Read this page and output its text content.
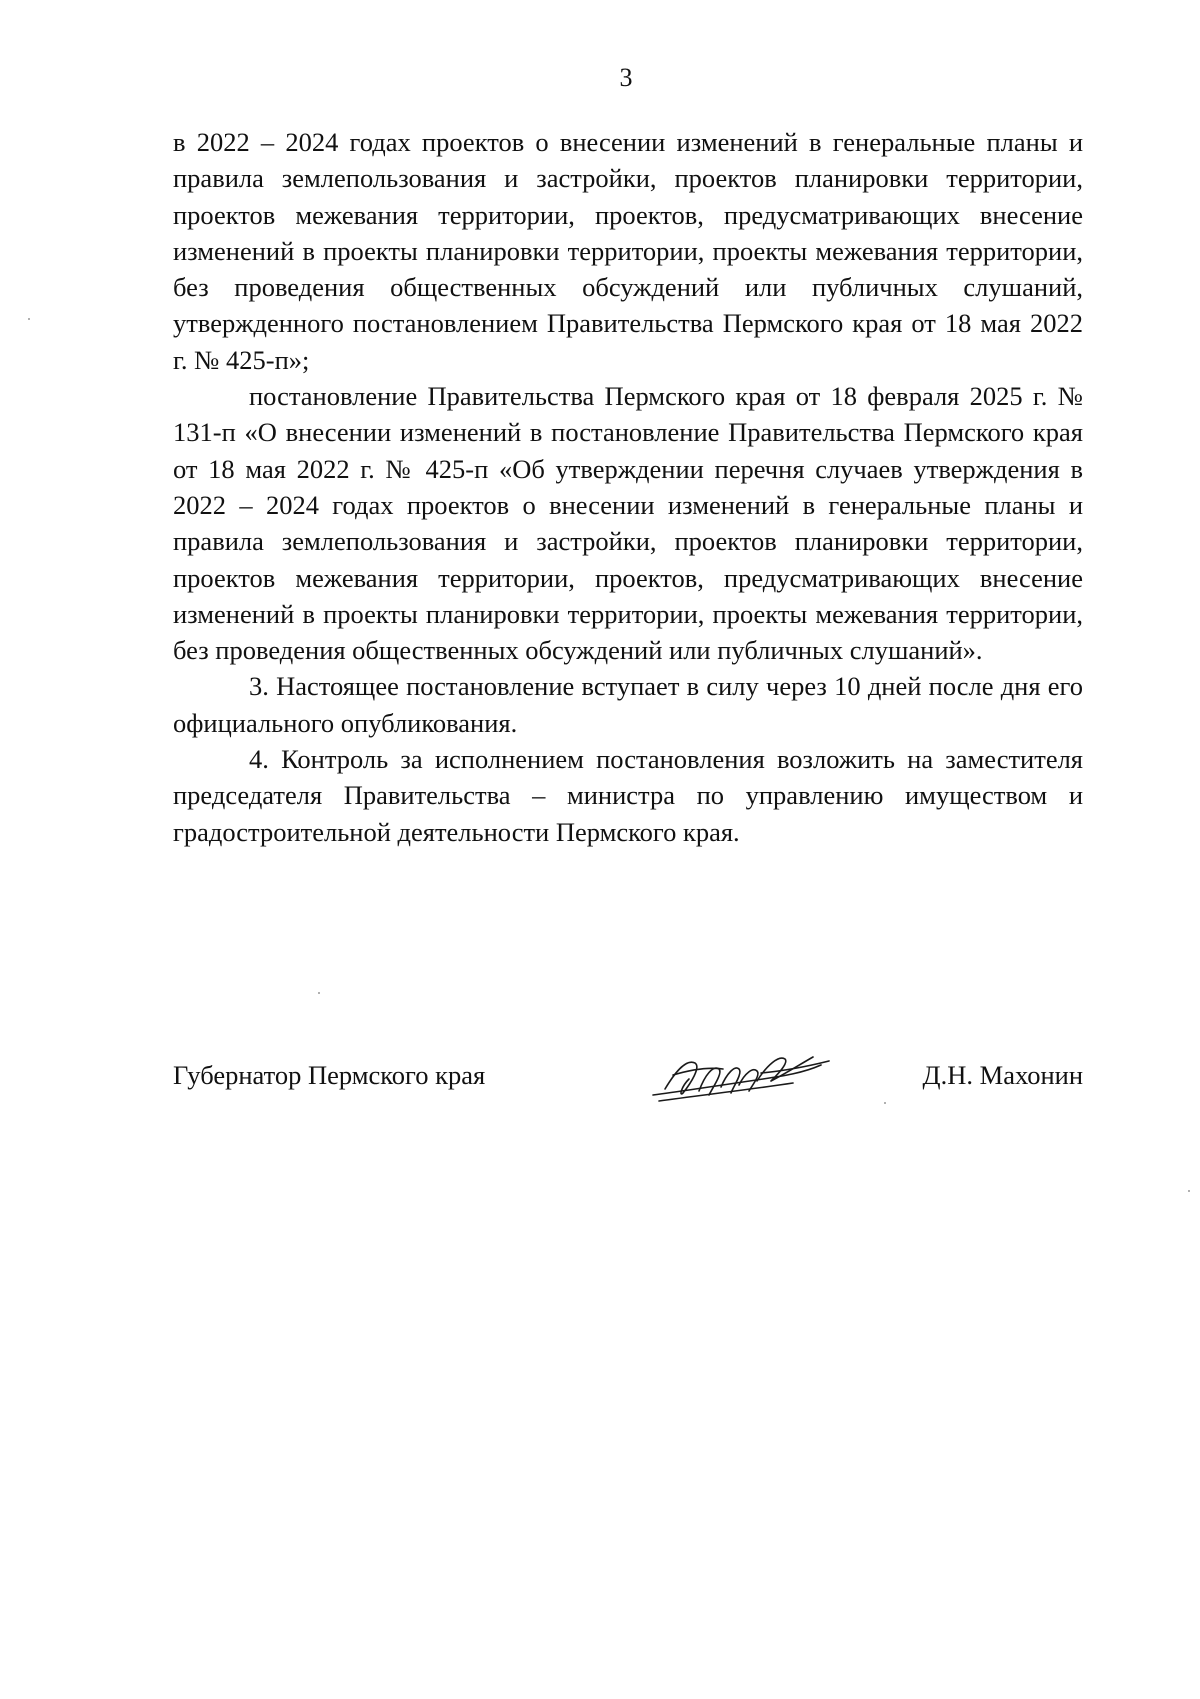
3

в 2022 – 2024 годах проектов о внесении изменений в генеральные планы и правила землепользования и застройки, проектов планировки территории, проектов межевания территории, проектов, предусматривающих внесение изменений в проекты планировки территории, проекты межевания территории, без проведения общественных обсуждений или публичных слушаний, утвержденного постановлением Правительства Пермского края от 18 мая 2022 г. № 425-п»;

постановление Правительства Пермского края от 18 февраля 2025 г. № 131-п «О внесении изменений в постановление Правительства Пермского края от 18 мая 2022 г. № 425-п «Об утверждении перечня случаев утверждения в 2022 – 2024 годах проектов о внесении изменений в генеральные планы и правила землепользования и застройки, проектов планировки территории, проектов межевания территории, проектов, предусматривающих внесение изменений в проекты планировки территории, проекты межевания территории, без проведения общественных обсуждений или публичных слушаний».

3. Настоящее постановление вступает в силу через 10 дней после дня его официального опубликования.

4. Контроль за исполнением постановления возложить на заместителя председателя Правительства – министра по управлению имуществом и градостроительной деятельности Пермского края.

Губернатор Пермского края	Д.Н. Махонин
